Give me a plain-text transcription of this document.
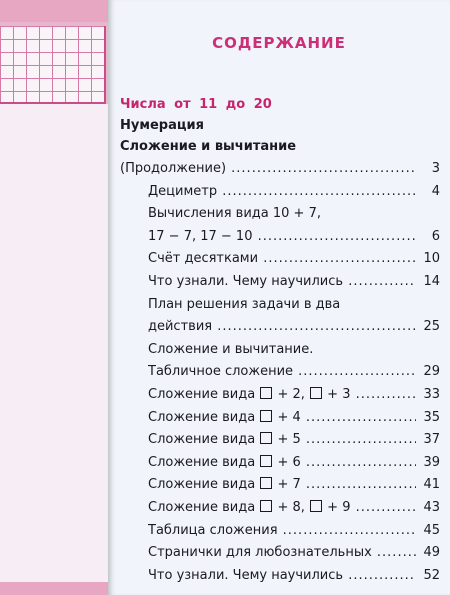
СОДЕРЖАНИЕ
Числа от 11 до 20
Нумерация
Сложение и вычитание
(Продолжение) .....	3
Дециметр .....	4
Вычисления вида 10 + 7,
17 − 7, 17 − 10 .....	6
Счёт десятками .....	10
Что узнали. Чему научились .....	14
План решения задачи в два
действия .....	25
Сложение и вычитание.
Табличное сложение .....	29
Сложение вида  + 2,  + 3 .....	33
Сложение вида  + 4 .....	35
Сложение вида  + 5 .....	37
Сложение вида  + 6 .....	39
Сложение вида  + 7 .....	41
Сложение вида  + 8,  + 9 .....	43
Таблица сложения .....	45
Странички для любознательных .....	49
Что узнали. Чему научились .....	52
